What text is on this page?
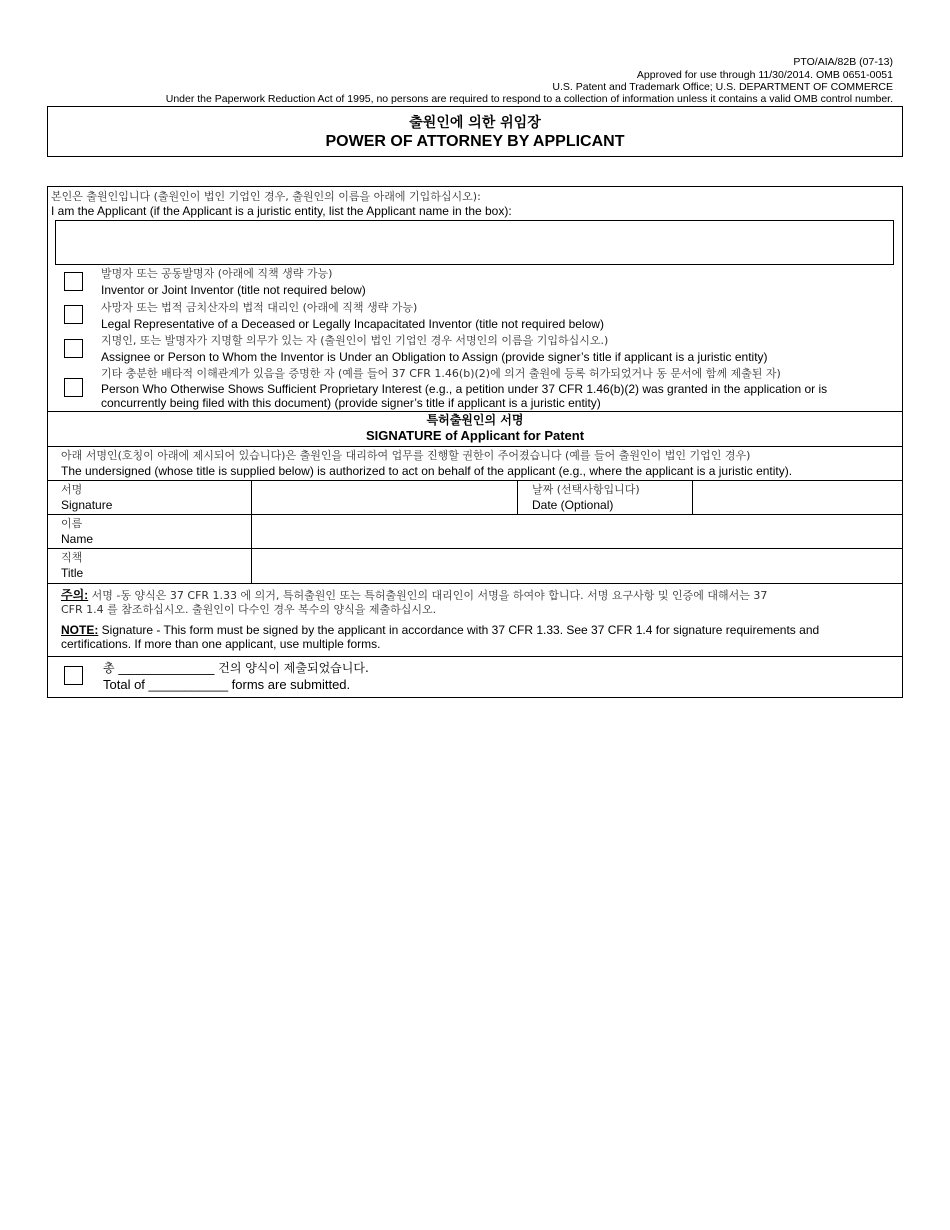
PTO/AIA/82B (07-13)
Approved for use through 11/30/2014. OMB 0651-0051
U.S. Patent and Trademark Office; U.S. DEPARTMENT OF COMMERCE
Under the Paperwork Reduction Act of 1995, no persons are required to respond to a collection of information unless it contains a valid OMB control number.
출원인에 의한 위임장
POWER OF ATTORNEY BY APPLICANT
본인은 출원인입니다 (출원인이 법인 기업인 경우, 출원인의 이름을 아래에 기입하십시오):
I am the Applicant (if the Applicant is a juristic entity, list the Applicant name in the box):
발명자 또는 공동발명자 (아래에 직책 생략 가능)
Inventor or Joint Inventor (title not required below)
사망자 또는 법적 금치산자의 법적 대리인 (아래에 직책 생략 가능)
Legal Representative of a Deceased or Legally Incapacitated Inventor (title not required below)
지명인, 또는 발명자가 지명할 의무가 있는 자 (출원인이 법인 기업인 경우 서명인의 이름을 기입하십시오.)
Assignee or Person to Whom the Inventor is Under an Obligation to Assign (provide signer’s title if applicant is a juristic entity)
기타 충분한 배타적 이해관계가 있음을 증명한 자 (예를 들어 37 CFR 1.46(b)(2)에 의거 출원에 등록 허가되었거나 동 문서에 함께 제출된 자)
Person Who Otherwise Shows Sufficient Proprietary Interest (e.g., a petition under 37 CFR 1.46(b)(2) was granted in the application or is
concurrently being filed with this document) (provide signer’s title if applicant is a juristic entity)
특허출원인의 서명
SIGNATURE of Applicant for Patent
아래 서명인(호칭이 아래에 제시되어 있습니다)은 출원인을 대리하여 업무를 진행할 권한이 주어졌습니다 (예를 들어 출원인이 법인 기업인 경우)
The undersigned (whose title is supplied below) is authorized to act on behalf of the applicant (e.g., where the applicant is a juristic entity).
서명
Signature
날짜 (선택사항입니다)
Date (Optional)
이름
Name
직책
Title
주의: 서명 -동 양식은 37 CFR 1.33 에 의거, 특허출원인 또는 특허출원인의 대리인이 서명을 하여야 합니다. 서명 요구사항 및 인증에 대해서는 37
CFR 1.4 를 참조하십시오. 출원인이 다수인 경우 복수의 양식을 제출하십시오.
NOTE: Signature - This form must be signed by the applicant in accordance with 37 CFR 1.33. See 37 CFR 1.4 for signature requirements and
certifications. If more than one applicant, use multiple forms.
총 ________________ 건의 양식이 제출되었습니다.
Total of ___________ forms are submitted.
